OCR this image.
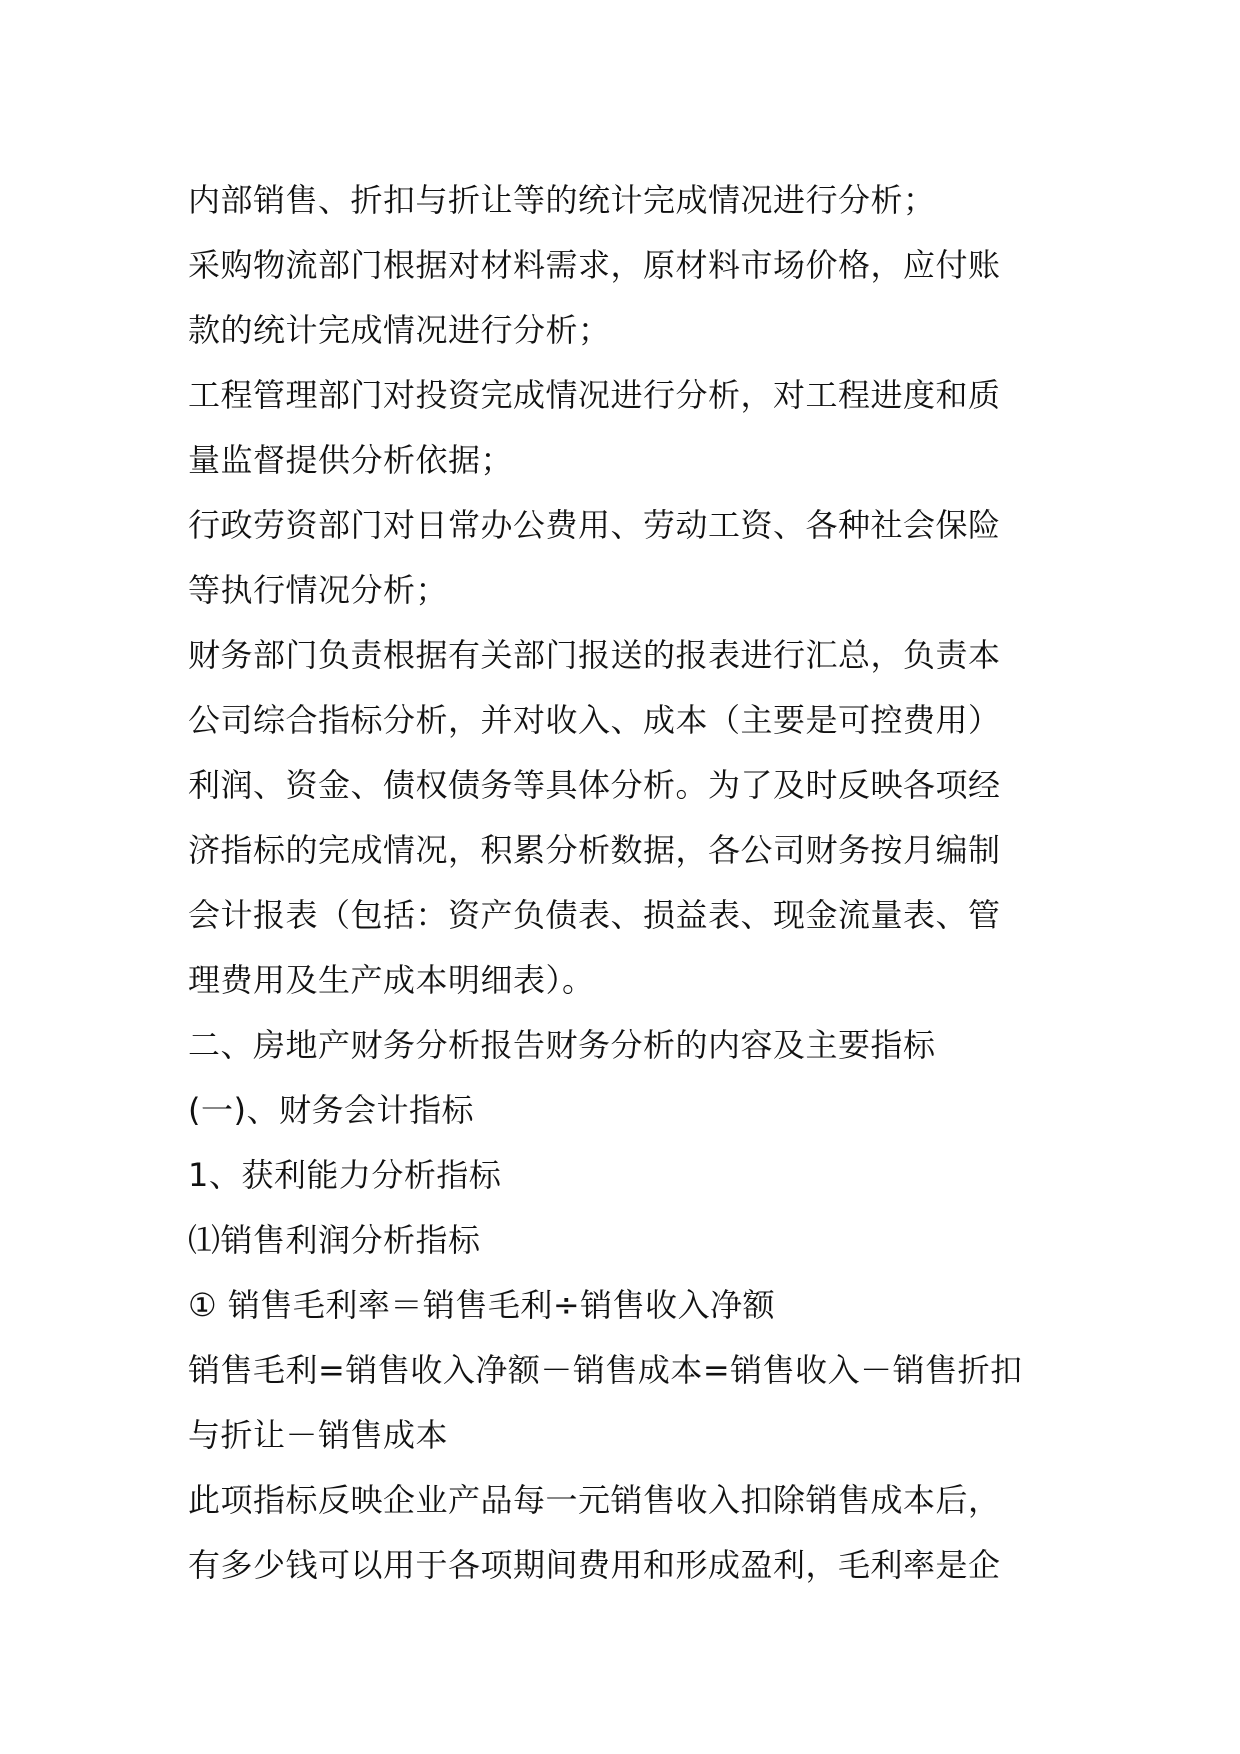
内部销售、折扣与折让等的统计完成情况进行分析；
采购物流部门根据对材料需求，原材料市场价格，应付账
款的统计完成情况进行分析；
工程管理部门对投资完成情况进行分析，对工程进度和质
量监督提供分析依据；
行政劳资部门对日常办公费用、劳动工资、各种社会保险
等执行情况分析；
财务部门负责根据有关部门报送的报表进行汇总，负责本
公司综合指标分析，并对收入、成本（主要是可控费用）
利润、资金、债权债务等具体分析。为了及时反映各项经
济指标的完成情况，积累分析数据，各公司财务按月编制
会计报表（包括：资产负债表、损益表、现金流量表、管
理费用及生产成本明细表）。
二、房地产财务分析报告财务分析的内容及主要指标
(一)、财务会计指标
1、获利能力分析指标
⑴销售利润分析指标
① 销售毛利率＝销售毛利÷销售收入净额
销售毛利=销售收入净额－销售成本=销售收入－销售折扣
与折让－销售成本
此项指标反映企业产品每一元销售收入扣除销售成本后，
有多少钱可以用于各项期间费用和形成盈利，毛利率是企
